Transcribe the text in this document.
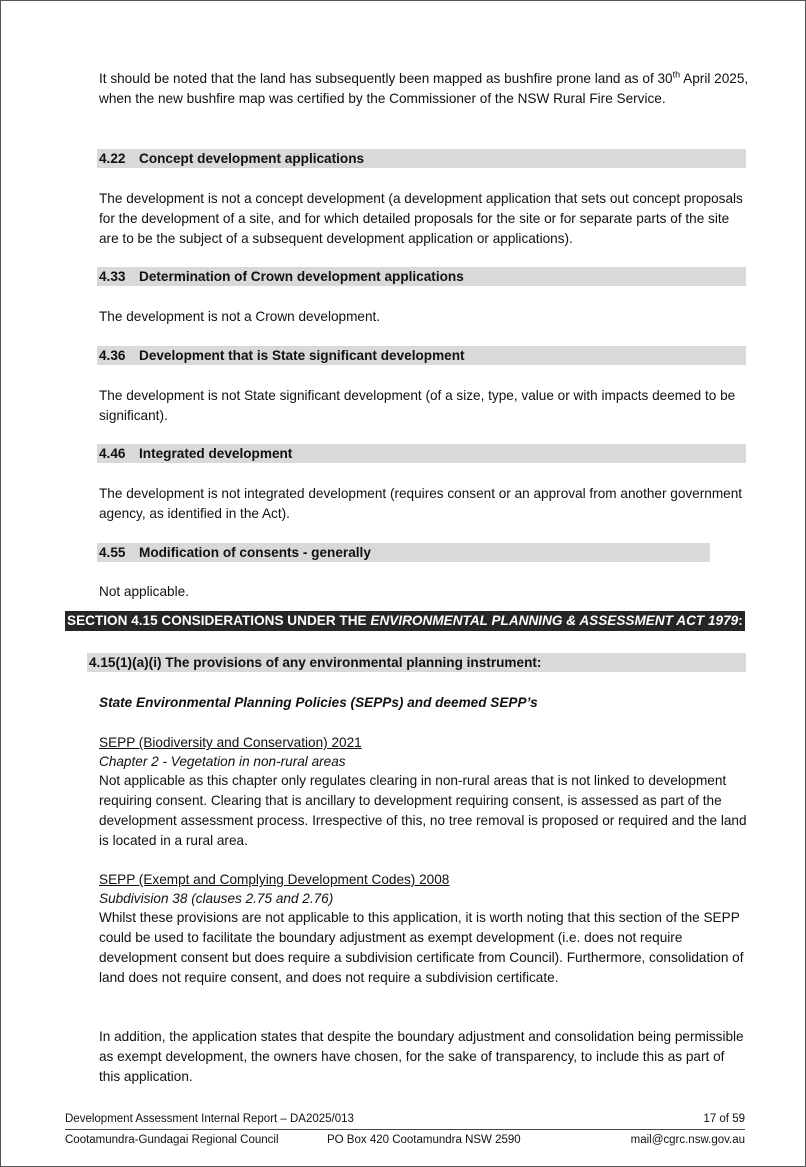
It should be noted that the land has subsequently been mapped as bushfire prone land as of 30th April 2025, when the new bushfire map was certified by the Commissioner of the NSW Rural Fire Service.

4.22 Concept development applications

The development is not a concept development (a development application that sets out concept proposals for the development of a site, and for which detailed proposals for the site or for separate parts of the site are to be the subject of a subsequent development application or applications).

4.33 Determination of Crown development applications

The development is not a Crown development.

4.36 Development that is State significant development

The development is not State significant development (of a size, type, value or with impacts deemed to be significant).

4.46 Integrated development

The development is not integrated development (requires consent or an approval from another government agency, as identified in the Act).

4.55 Modification of consents - generally

Not applicable.

SECTION 4.15 CONSIDERATIONS UNDER THE ENVIRONMENTAL PLANNING & ASSESSMENT ACT 1979:
4.15(1)(a)(i) The provisions of any environmental planning instrument:

State Environmental Planning Policies (SEPPs) and deemed SEPP’s

SEPP (Biodiversity and Conservation) 2021

Chapter 2 - Vegetation in non-rural areas

Not applicable as this chapter only regulates clearing in non-rural areas that is not linked to development requiring consent. Clearing that is ancillary to development requiring consent, is assessed as part of the development assessment process. Irrespective of this, no tree removal is proposed or required and the land is located in a rural area.

SEPP (Exempt and Complying Development Codes) 2008

Subdivision 38 (clauses 2.75 and 2.76)

Whilst these provisions are not applicable to this application, it is worth noting that this section of the SEPP could be used to facilitate the boundary adjustment as exempt development (i.e. does not require development consent but does require a subdivision certificate from Council). Furthermore, consolidation of land does not require consent, and does not require a subdivision certificate.

In addition, the application states that despite the boundary adjustment and consolidation being permissible as exempt development, the owners have chosen, for the sake of transparency, to include this as part of this application.

Development Assessment Internal Report – DA2025/013	17 of 59
Cootamundra-Gundagai Regional Council	PO Box 420 Cootamundra NSW 2590	mail@cgrc.nsw.gov.au
